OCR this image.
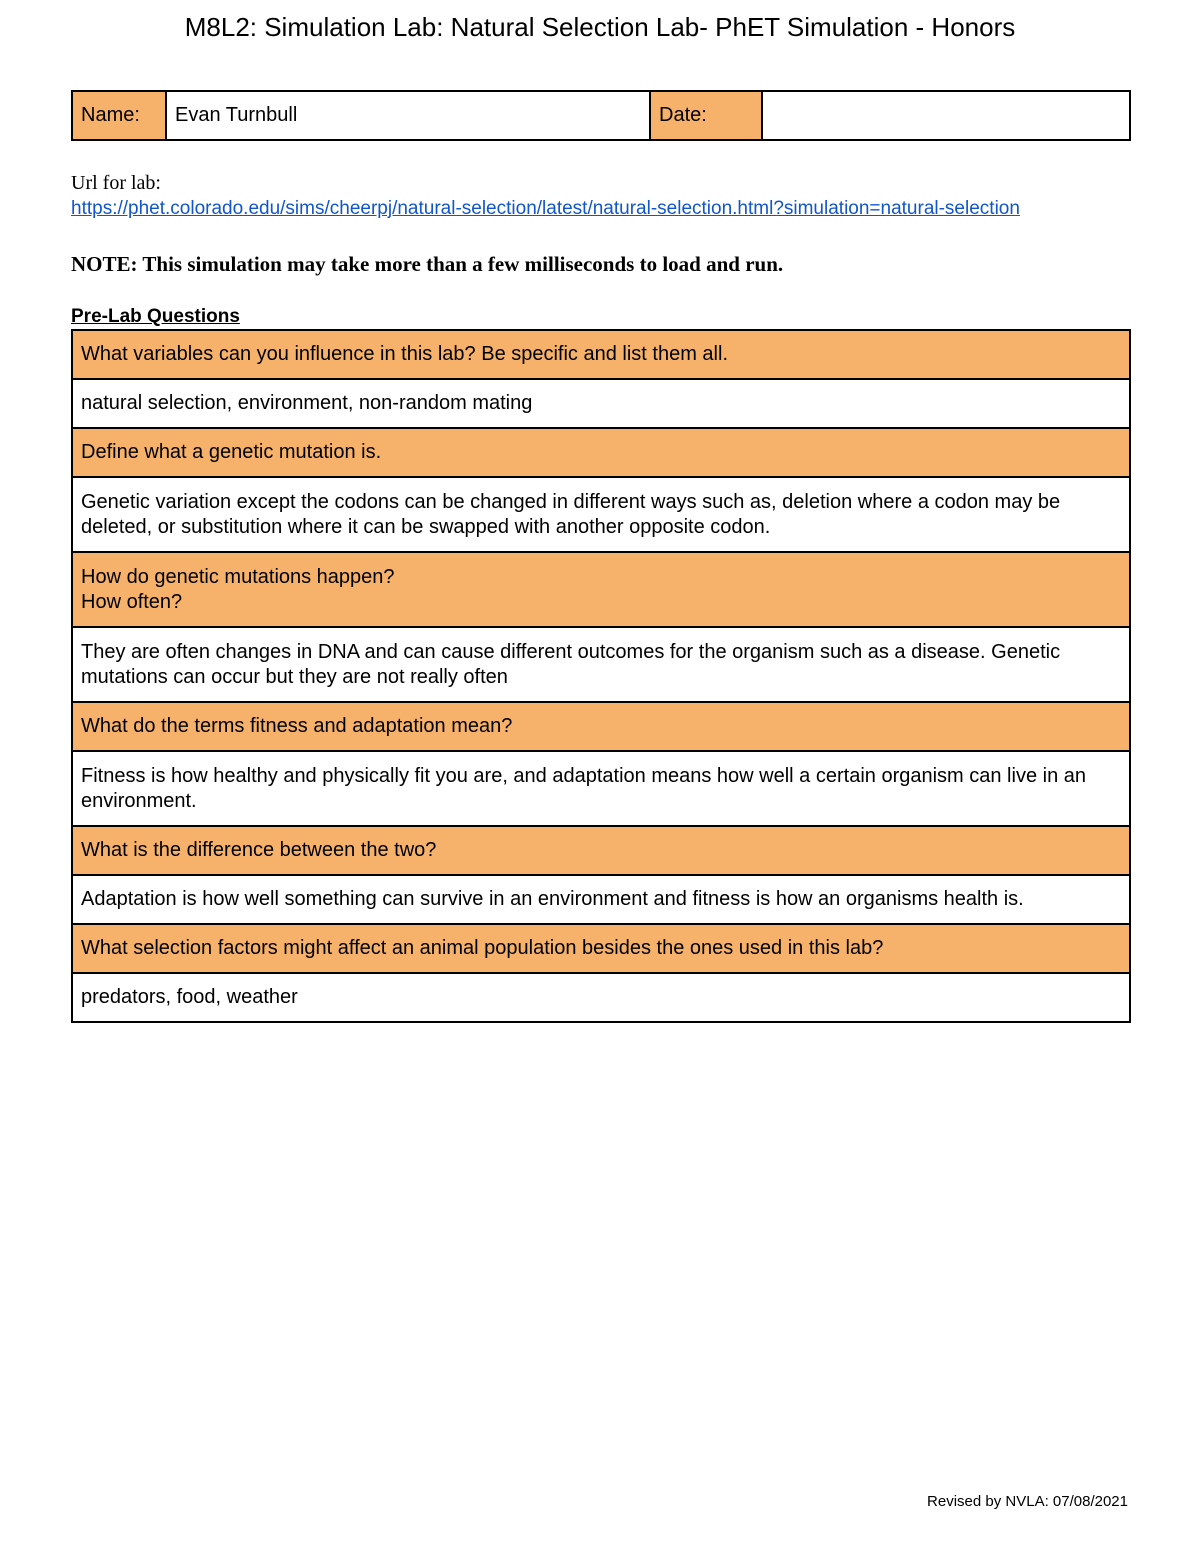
M8L2: Simulation Lab: Natural Selection Lab- PhET Simulation - Honors
Name:	Evan Turnbull	Date:
Url for lab:
https://phet.colorado.edu/sims/cheerpj/natural-selection/latest/natural-selection.html?simulation=natural-selection
NOTE: This simulation may take more than a few milliseconds to load and run.
Pre-Lab Questions
What variables can you influence in this lab? Be specific and list them all.
natural selection, environment, non-random mating
Define what a genetic mutation is.
Genetic variation except the codons can be changed in different ways such as, deletion where a codon may be deleted, or substitution where it can be swapped with another opposite codon.
How do genetic mutations happen?
How often?
They are often changes in DNA and can cause different outcomes for the organism such as a disease. Genetic mutations can occur but they are not really often
What do the terms fitness and adaptation mean?
Fitness is how healthy and physically fit you are, and adaptation means how well a certain organism can live in an environment.
What is the difference between the two?
Adaptation is how well something can survive in an environment and fitness is how an organisms health is.
What selection factors might affect an animal population besides the ones used in this lab?
predators, food, weather
Revised by NVLA: 07/08/2021
